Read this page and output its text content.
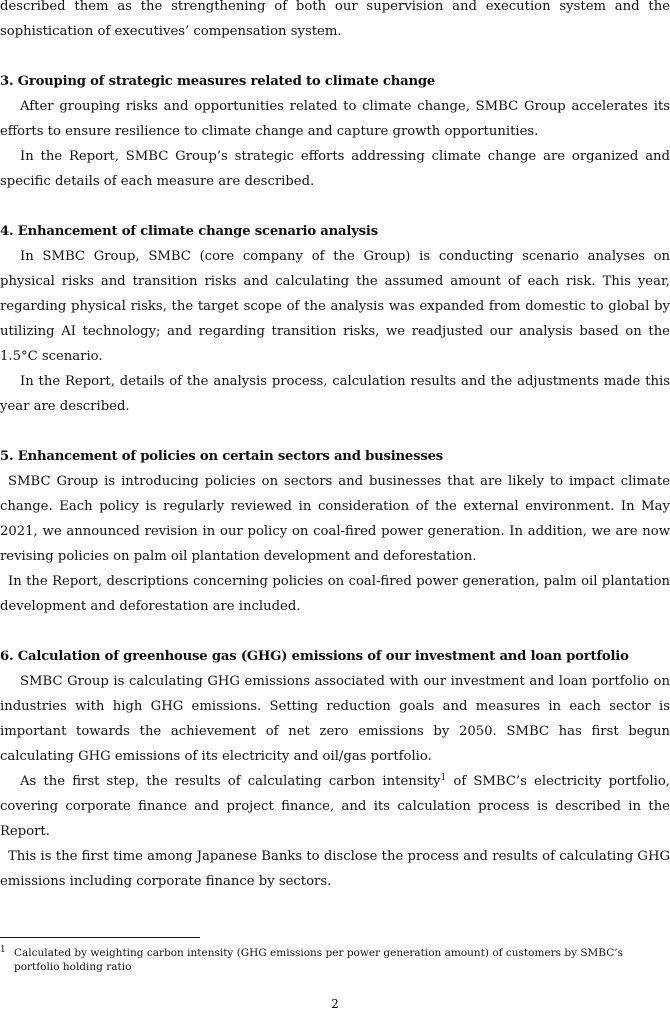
described them as the strengthening of both our supervision and execution system and the sophistication of executives’ compensation system.

3. Grouping of strategic measures related to climate change

After grouping risks and opportunities related to climate change, SMBC Group accelerates its efforts to ensure resilience to climate change and capture growth opportunities.

In the Report, SMBC Group’s strategic efforts addressing climate change are organized and specific details of each measure are described.

4. Enhancement of climate change scenario analysis

In SMBC Group, SMBC (core company of the Group) is conducting scenario analyses on physical risks and transition risks and calculating the assumed amount of each risk. This year, regarding physical risks, the target scope of the analysis was expanded from domestic to global by utilizing AI technology; and regarding transition risks, we readjusted our analysis based on the 1.5°C scenario.

In the Report, details of the analysis process, calculation results and the adjustments made this year are described.

5. Enhancement of policies on certain sectors and businesses

SMBC Group is introducing policies on sectors and businesses that are likely to impact climate change. Each policy is regularly reviewed in consideration of the external environment. In May 2021, we announced revision in our policy on coal-fired power generation. In addition, we are now revising policies on palm oil plantation development and deforestation.

In the Report, descriptions concerning policies on coal-fired power generation, palm oil plantation development and deforestation are included.

6. Calculation of greenhouse gas (GHG) emissions of our investment and loan portfolio

SMBC Group is calculating GHG emissions associated with our investment and loan portfolio on industries with high GHG emissions. Setting reduction goals and measures in each sector is important towards the achievement of net zero emissions by 2050. SMBC has first begun calculating GHG emissions of its electricity and oil/gas portfolio.

As the first step, the results of calculating carbon intensity$^1$ of SMBC’s electricity portfolio, covering corporate finance and project finance, and its calculation process is described in the Report.

This is the first time among Japanese Banks to disclose the process and results of calculating GHG emissions including corporate finance by sectors.

1 Calculated by weighting carbon intensity (GHG emissions per power generation amount) of customers by SMBC’s portfolio holding ratio
2
